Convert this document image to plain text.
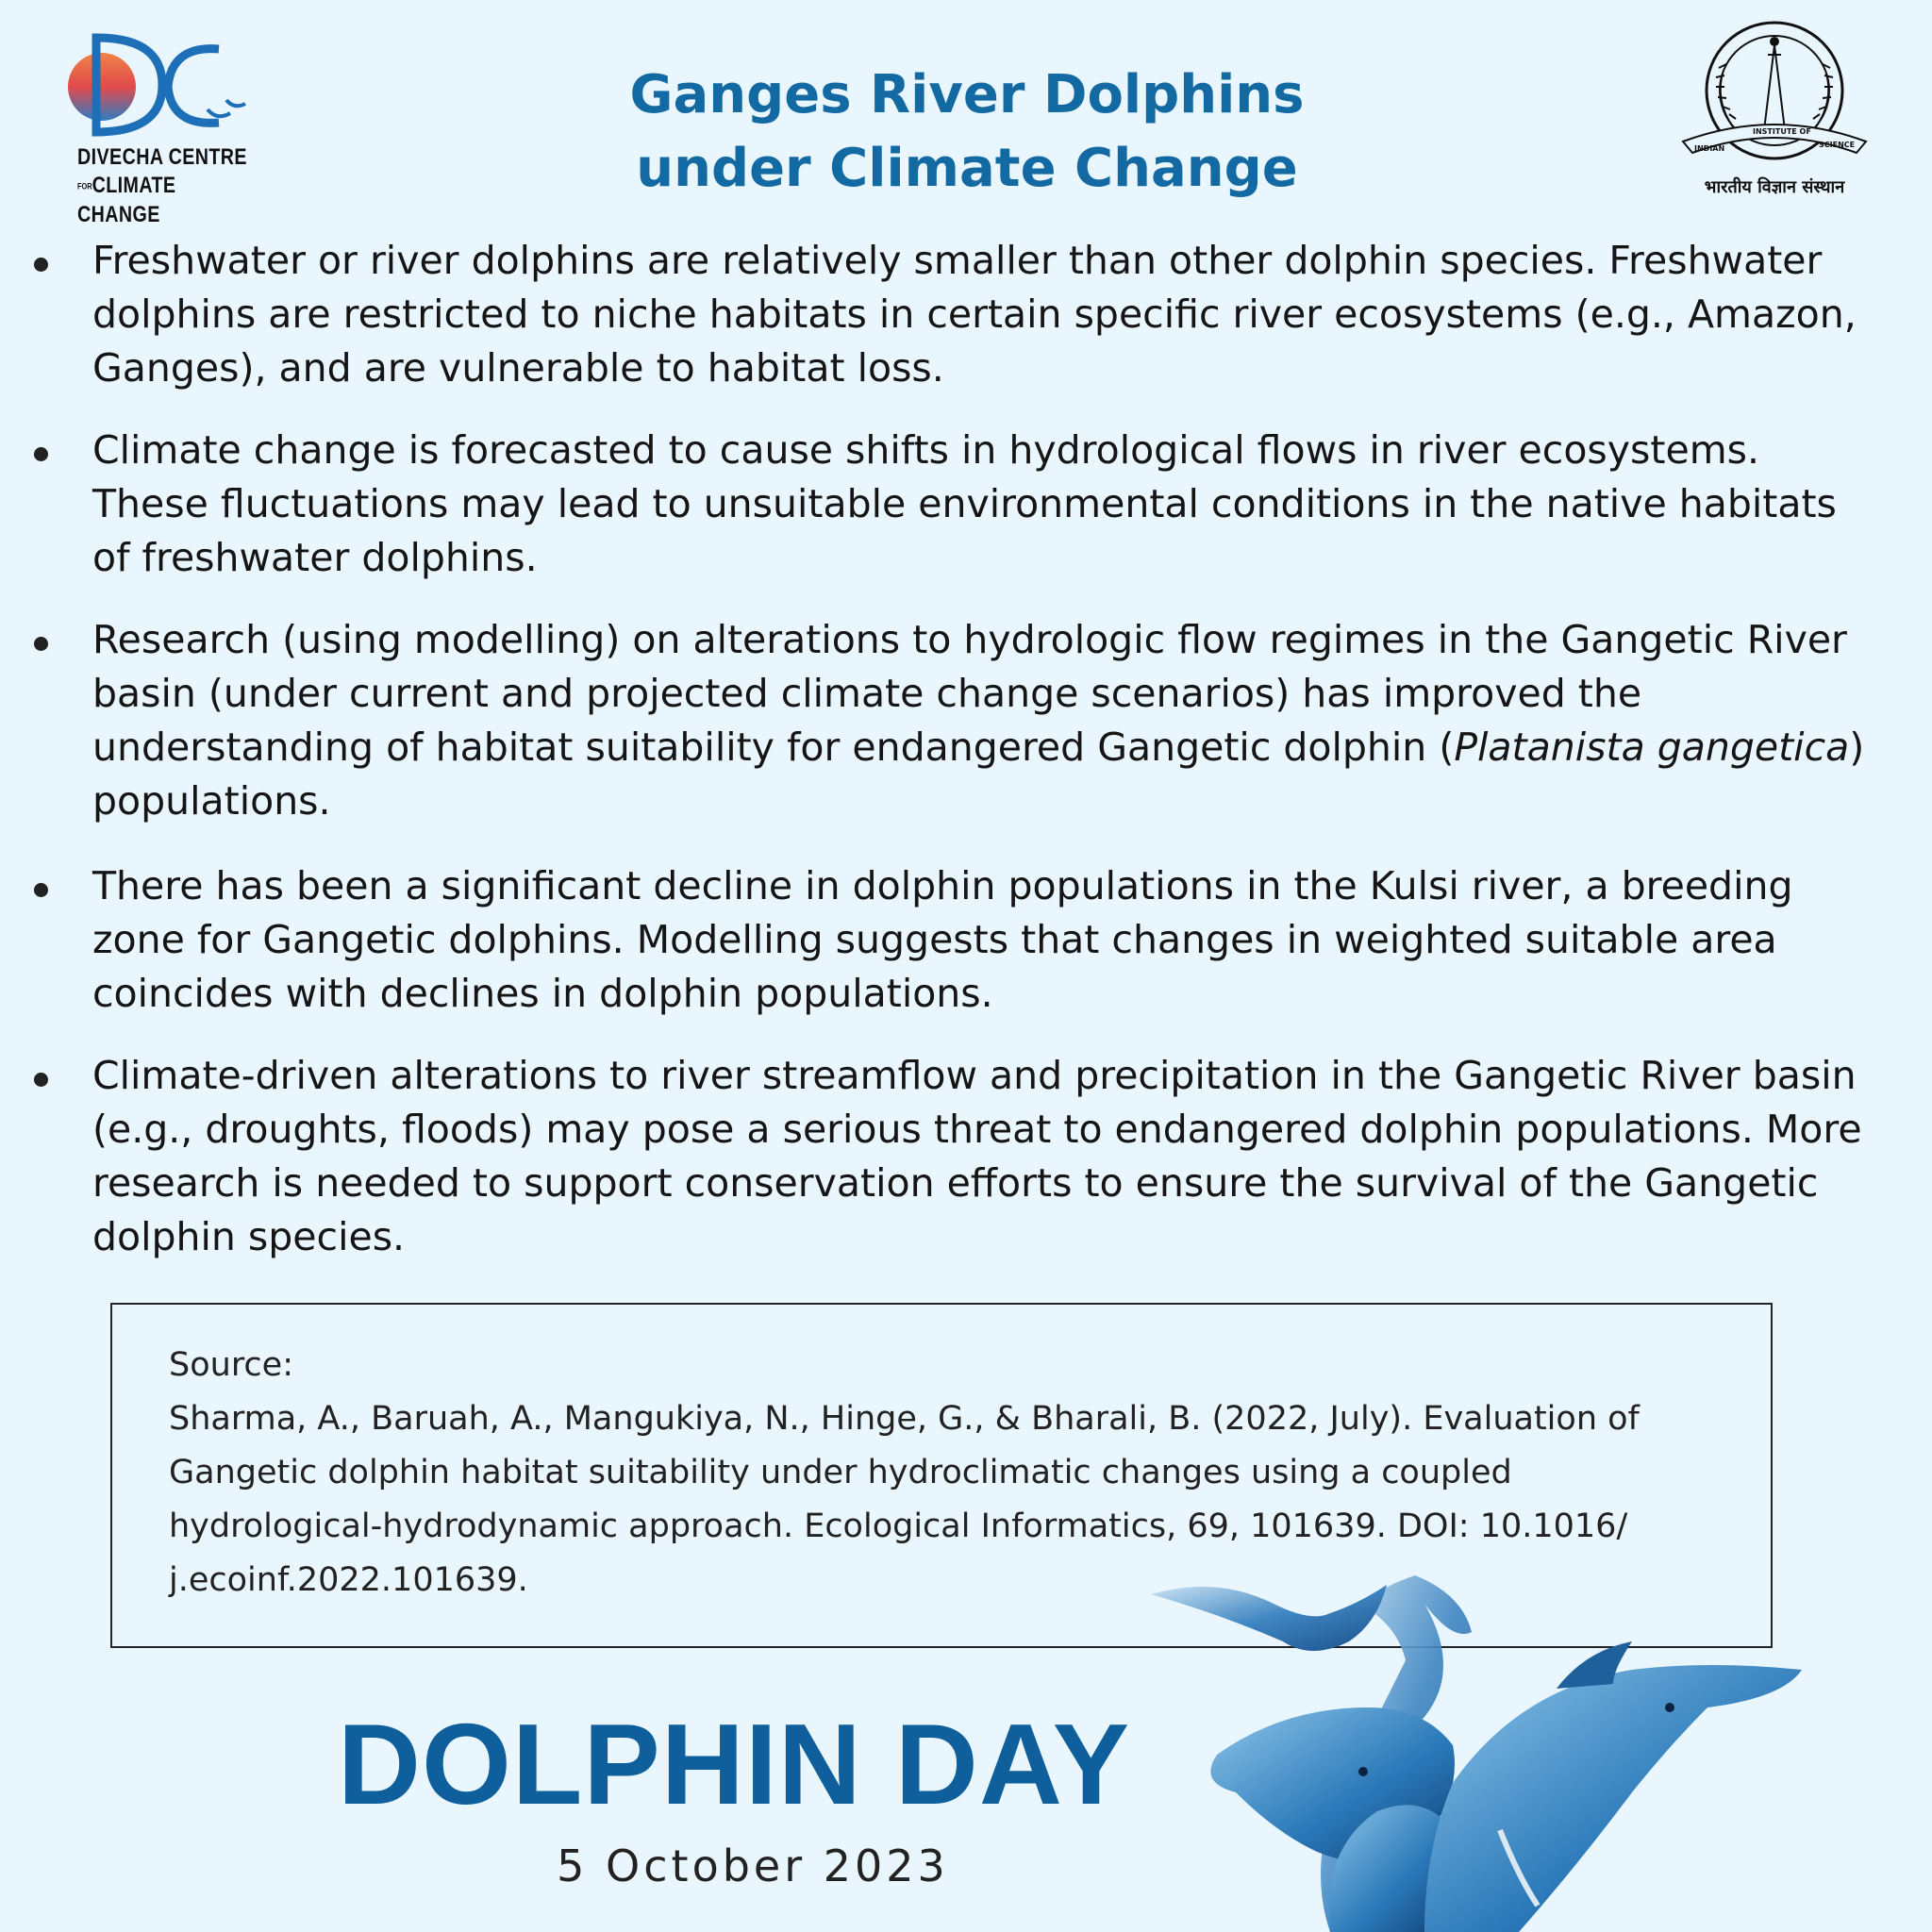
DIVECHA CENTRE
FORCLIMATE CHANGE
Ganges River Dolphins
under Climate Change	INDIAN
INSTITUTE OF
SCIENCE
भारतीय विज्ञान संस्थान
Freshwater or river dolphins are relatively smaller than other dolphin species. Freshwater dolphins are restricted to niche habitats in certain specific river ecosystems (e.g., Amazon, Ganges), and are vulnerable to habitat loss.
Climate change is forecasted to cause shifts in hydrological flows in river ecosystems. These fluctuations may lead to unsuitable environmental conditions in the native habitats of freshwater dolphins.
Research (using modelling) on alterations to hydrologic flow regimes in the Gangetic River basin (under current and projected climate change scenarios) has improved the understanding of habitat suitability for endangered Gangetic dolphin (Platanista gangetica) populations.
There has been a significant decline in dolphin populations in the Kulsi river, a breeding zone for Gangetic dolphins. Modelling suggests that changes in weighted suitable area coincides with declines in dolphin populations.
Climate-driven alterations to river streamflow and precipitation in the Gangetic River basin (e.g., droughts, floods) may pose a serious threat to endangered dolphin populations. More research is needed to support conservation efforts to ensure the survival of the Gangetic dolphin species.
Source:
Sharma, A., Baruah, A., Mangukiya, N., Hinge, G., & Bharali, B. (2022, July). Evaluation of Gangetic dolphin habitat suitability under hydroclimatic changes using a coupled hydrological-hydrodynamic approach. Ecological Informatics, 69, 101639. DOI: 10.1016/ j.ecoinf.2022.101639.
DOLPHIN DAY
5 October 2023
